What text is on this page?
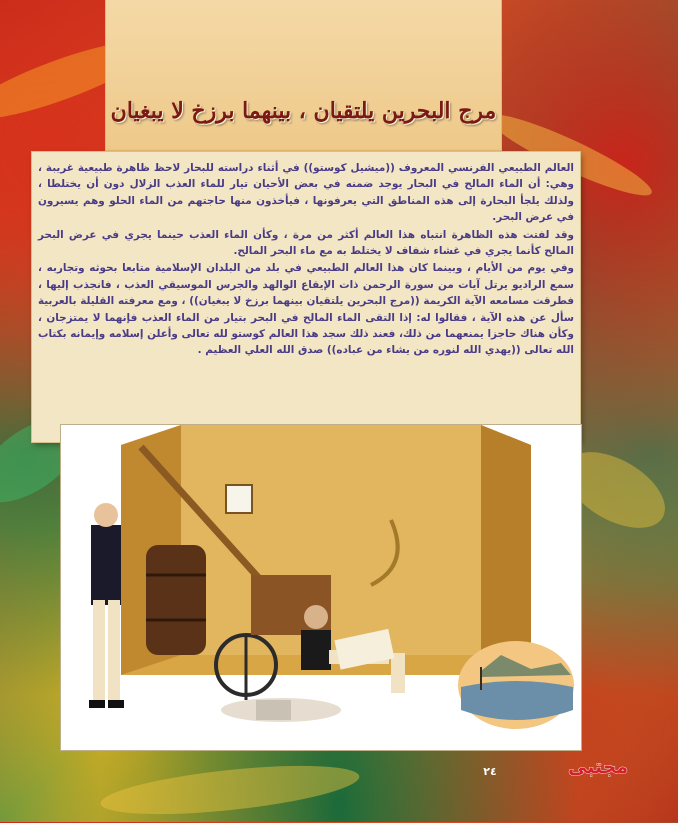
مرج البحرين يلتقيان ، بينهما برزخ لا يبغيان

العالم الطبيعي الفرنسي المعروف ((ميشيل كوستو)) في أثناء دراسته للبحار لاحظ ظاهرة طبيعية غريبة ، وهي: أن الماء المالح في البحار يوجد ضمنه في بعض الأحيان تيار للماء العذب الزلال دون أن يختلطا ، ولذلك يلجأ البحارة إلى هذه المناطق التي يعرفونها ، فيأخذون منها حاجتهم من الماء الحلو وهم يسيرون في عرض البحر.

وقد لفتت هذه الظاهرة انتباه هذا العالم أكثر من مرة ، وكأن الماء العذب حينما يجري في عرض البحر المالح كأنما يجري في غشاء شفاف لا يختلط به مع ماء البحر المالح.

وفي يوم من الأيام ، وبينما كان هذا العالم الطبيعي في بلد من البلدان الإسلامية متابعا بحوثه وتجاربه ، سمع الراديو يرتل آيات من سورة الرحمن ذات الإيقاع الوالهد والجرس الموسيقي العذب ، فانجذب إليها ، فطرقت مسامعه الآية الكريمة ((مرج البحرين يلتقيان بينهما برزخ لا يبغيان)) ، ومع معرفته القليلة بالعربية سأل عن هذه الآية ، فقالوا له: إذا التقى الماء المالح في البحر بتيار من الماء العذب فإنهما لا يمتزجان ، وكأن هناك حاجزا يمنعهما من ذلك، فعند ذلك سجد هذا العالم كوستو لله تعالى وأعلن إسلامه وإيمانه بكتاب الله تعالى ((يهدي الله لنوره من يشاء من عباده)) صدق الله العلي العظيم .

مجتبى
٢٤
